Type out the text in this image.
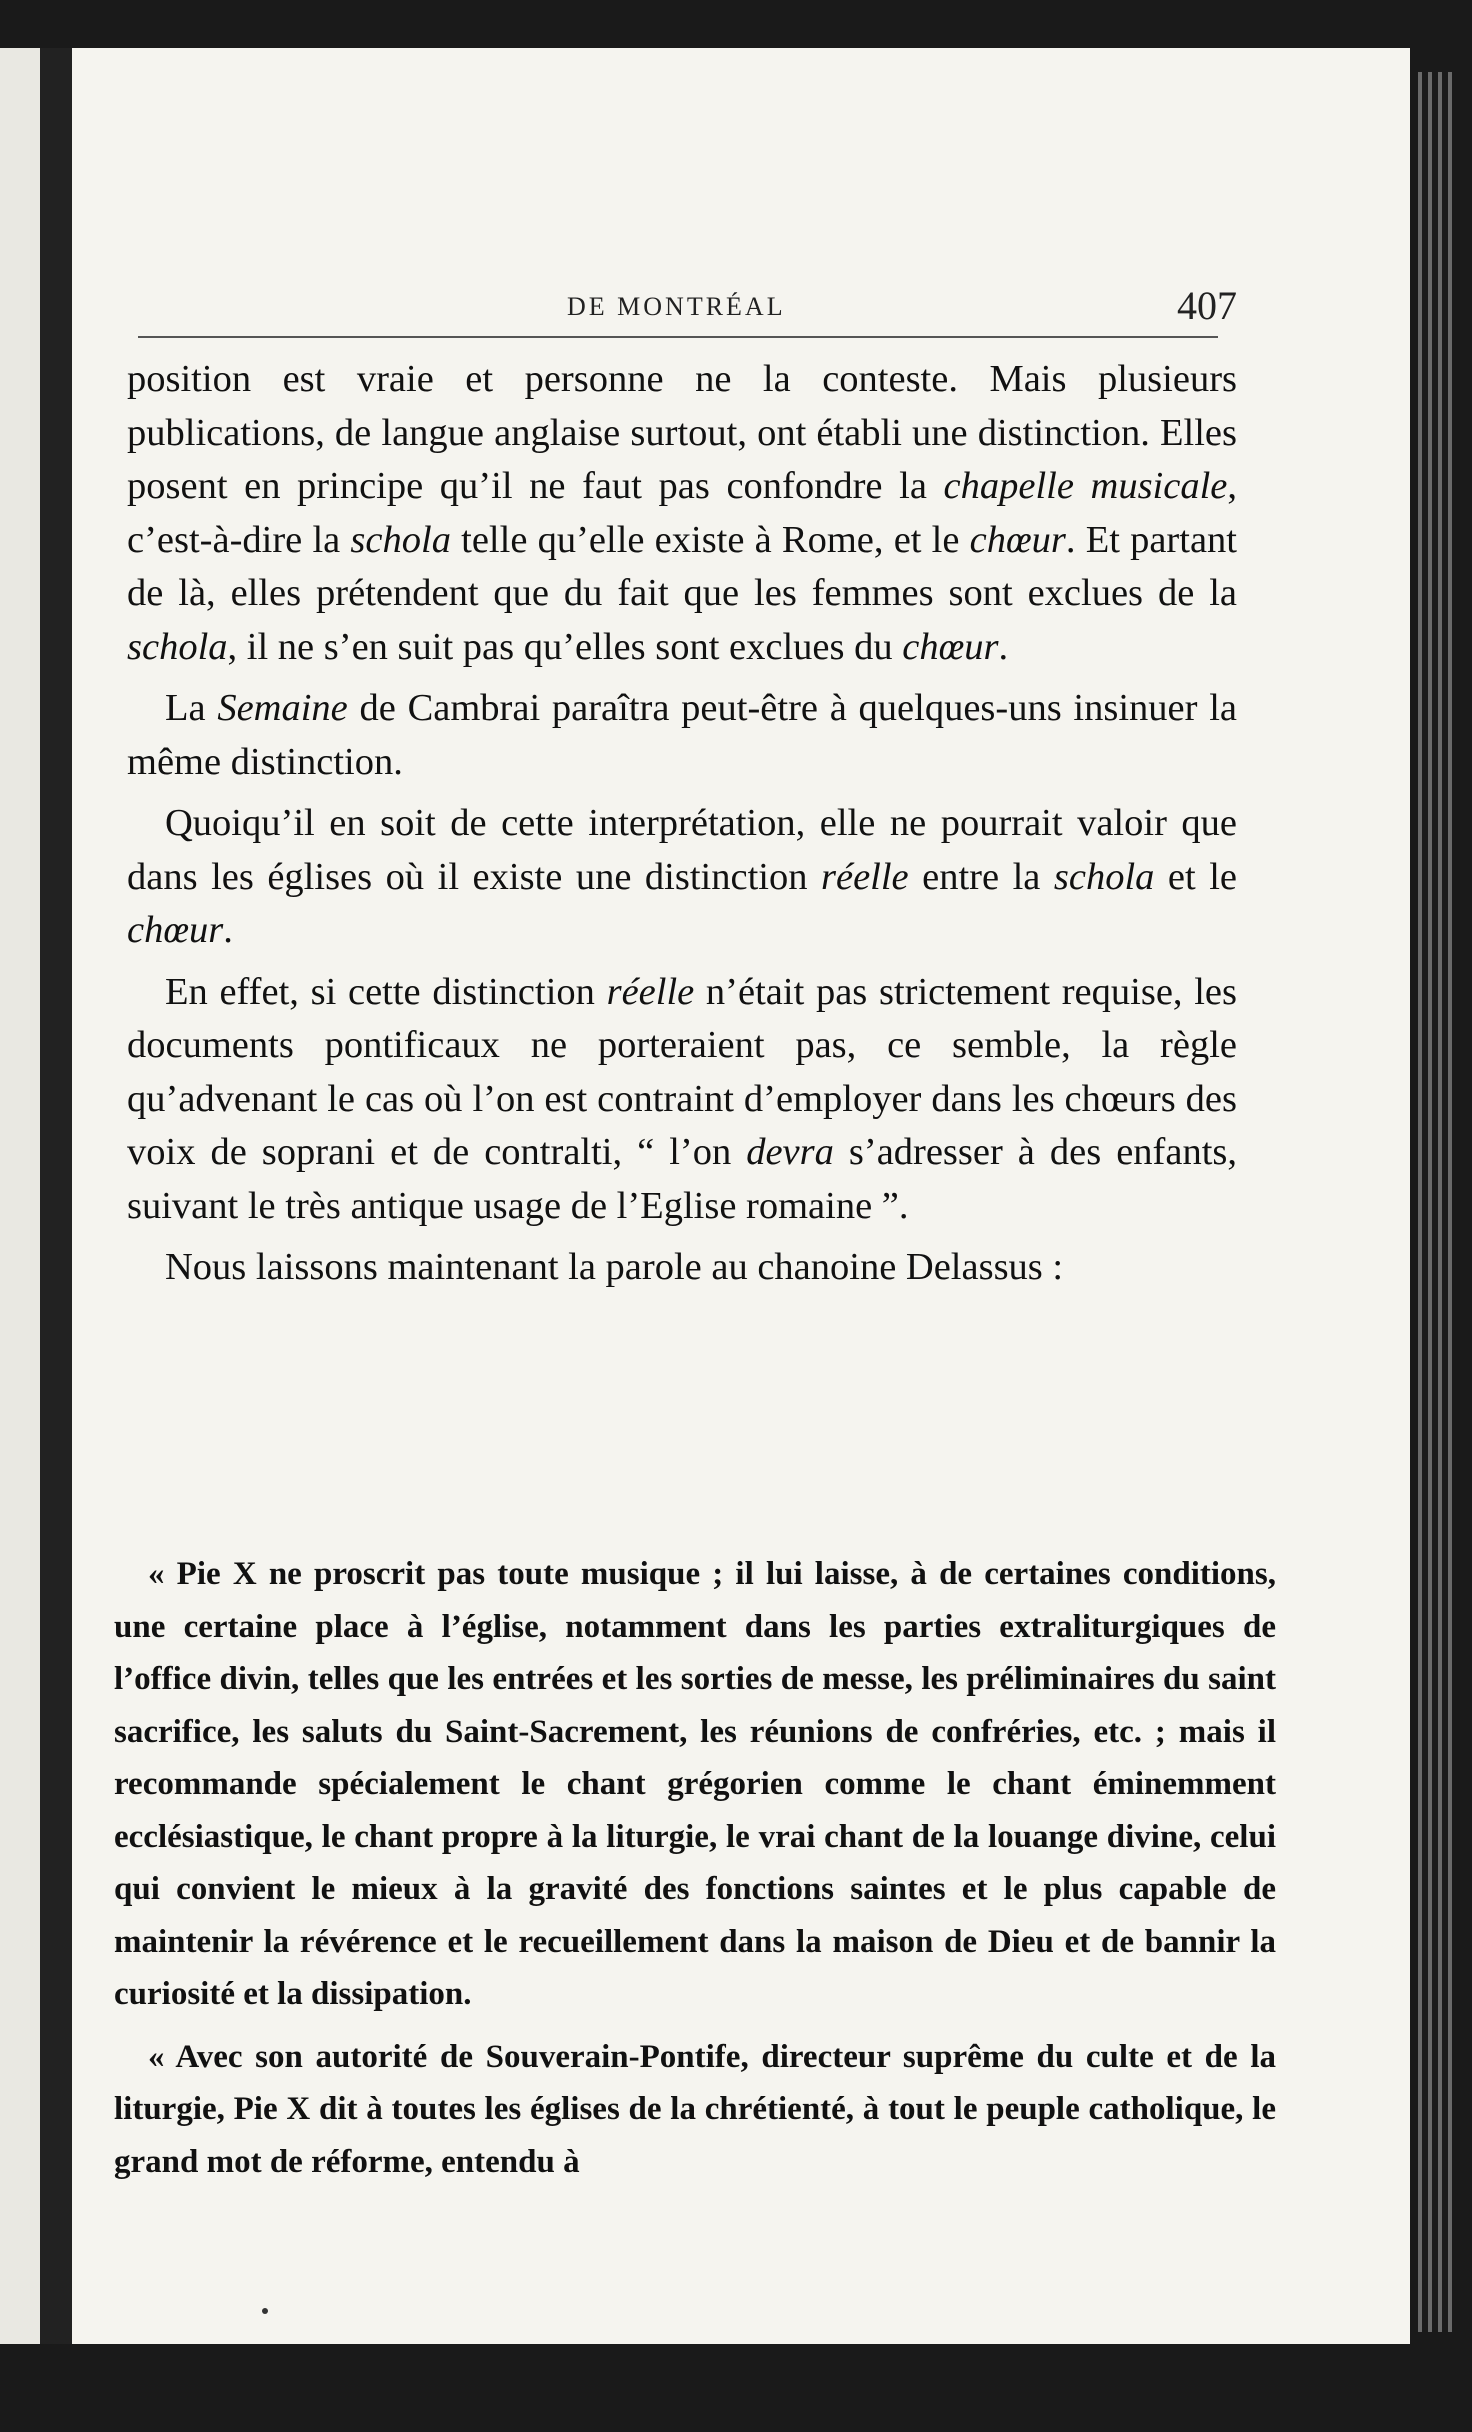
DE MONTRÉAL	407

position est vraie et personne ne la conteste. Mais plusieurs publications, de langue anglaise surtout, ont établi une distinction. Elles posent en principe qu’il ne faut pas confondre la chapelle musicale, c’est-à-dire la schola telle qu’elle existe à Rome, et le chœur. Et partant de là, elles prétendent que du fait que les femmes sont exclues de la schola, il ne s’en suit pas qu’elles sont exclues du chœur.

La Semaine de Cambrai paraîtra peut-être à quelques-uns insinuer la même distinction.

Quoiqu’il en soit de cette interprétation, elle ne pourrait valoir que dans les églises où il existe une distinction réelle entre la schola et le chœur.

En effet, si cette distinction réelle n’était pas strictement requise, les documents pontificaux ne porteraient pas, ce semble, la règle qu’advenant le cas où l’on est contraint d’employer dans les chœurs des voix de soprani et de contralti, “ l’on devra s’adresser à des enfants, suivant le très antique usage de l’Eglise romaine ”.

Nous laissons maintenant la parole au chanoine Delassus :

« Pie X ne proscrit pas toute musique ; il lui laisse, à de certaines conditions, une certaine place à l’église, notamment dans les parties extraliturgiques de l’office divin, telles que les entrées et les sorties de messe, les préliminaires du saint sacrifice, les saluts du Saint-Sacrement, les réunions de confréries, etc. ; mais il recommande spécialement le chant grégorien comme le chant éminemment ecclésiastique, le chant propre à la liturgie, le vrai chant de la louange divine, celui qui convient le mieux à la gravité des fonctions saintes et le plus capable de maintenir la révérence et le recueillement dans la maison de Dieu et de bannir la curiosité et la dissipation.

« Avec son autorité de Souverain-Pontife, directeur suprême du culte et de la liturgie, Pie X dit à toutes les églises de la chrétienté, à tout le peuple catholique, le grand mot de réforme, entendu à
